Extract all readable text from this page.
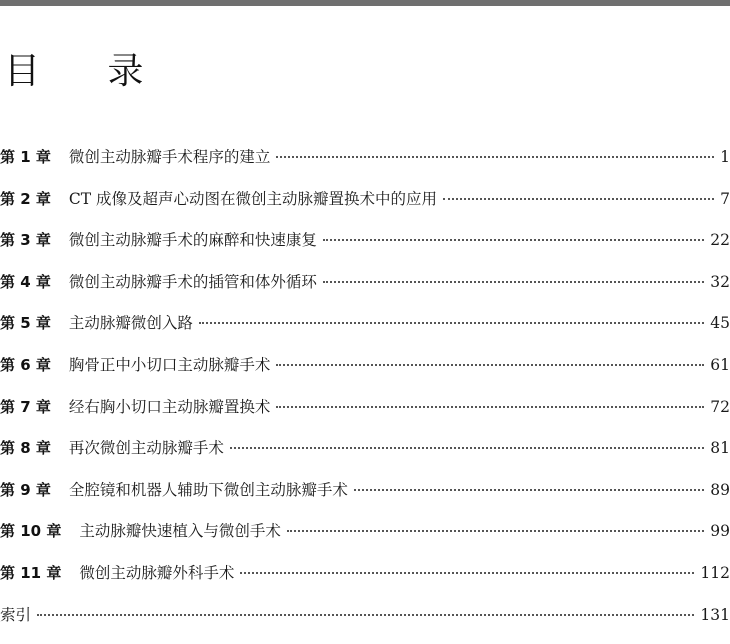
目 录
第 1 章 微创主动脉瓣手术程序的建立	1
第 2 章 CT 成像及超声心动图在微创主动脉瓣置换术中的应用	7
第 3 章 微创主动脉瓣手术的麻醉和快速康复	22
第 4 章 微创主动脉瓣手术的插管和体外循环	32
第 5 章 主动脉瓣微创入路	45
第 6 章 胸骨正中小切口主动脉瓣手术	61
第 7 章 经右胸小切口主动脉瓣置换术	72
第 8 章 再次微创主动脉瓣手术	81
第 9 章 全腔镜和机器人辅助下微创主动脉瓣手术	89
第 10 章 主动脉瓣快速植入与微创手术	99
第 11 章 微创主动脉瓣外科手术	112
索引	131
